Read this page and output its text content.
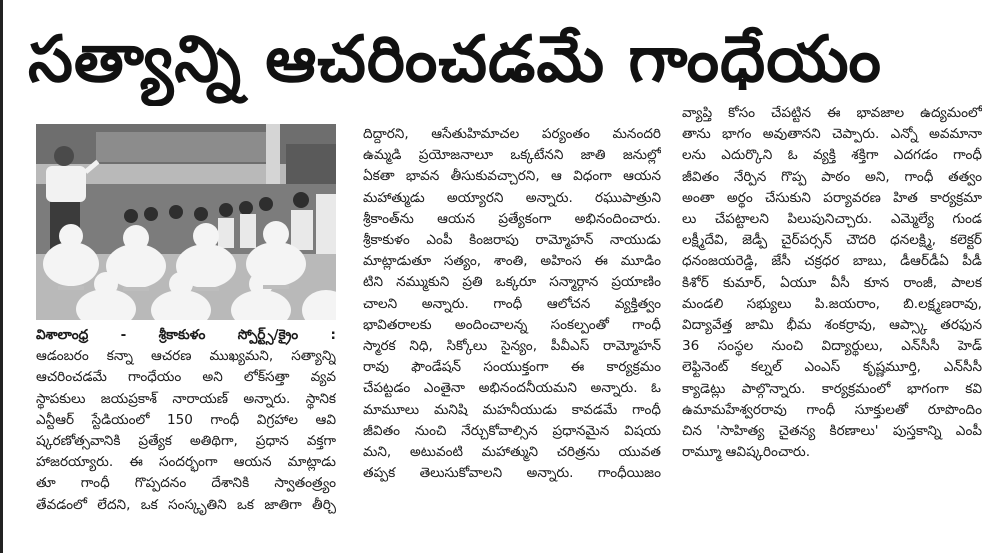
సత్యాన్ని ఆచరించడమే గాంధేయం

విశాలాంధ్ర - శ్రీకాకుళం స్పోర్ట్స్/క్రైం :

ఆడంబరం కన్నా ఆచరణ ముఖ్యమని, సత్యాన్ని

ఆచరించడమే గాంధేయం అని లోక్‌సత్తా వ్యవ

స్థాపకులు జయప్రకాశ్ నారాయణ్ అన్నారు. స్థానిక

ఎన్టీఆర్ స్టేడియంలో 150 గాంధీ విగ్రహాల ఆవి

ష్కరణోత్సవానికి ప్రత్యేక అతిథిగా, ప్రధాన వక్తగా

హాజరయ్యారు. ఈ సందర్భంగా ఆయన మాట్లాడు

తూ గాంధీ గొప్పదనం దేశానికి స్వాతంత్ర్యం

తేవడంలో లేదని, ఒక సంస్కృతిని ఒక జాతిగా తీర్చి

దిద్దారని, ఆసేతుహిమాచల పర్యంతం మనందరి

ఉమ్మడి ప్రయోజనాలూ ఒక్కటేనని జాతి జనుల్లో

ఏకతా భావన తీసుకువచ్చారని, ఆ విధంగా ఆయన

మహాత్ముడు అయ్యారని అన్నారు. రఘుపాత్రుని

శ్రీకాంత్‌ను ఆయన ప్రత్యేకంగా అభినందించారు.

శ్రీకాకుళం ఎంపీ కింజరాపు రామ్మోహన్ నాయుడు

మాట్లాడుతూ సత్యం, శాంతి, అహింస ఈ మూడిం

టిని నమ్ముకుని ప్రతి ఒక్కరూ సన్మార్గాన ప్రయాణిం

చాలని అన్నారు. గాంధీ ఆలోచన వ్యక్తిత్వం

భావితరాలకు అందించాలన్న సంకల్పంతో గాంధీ

స్మారక నిధి, సిక్కోలు సైన్యం, పీవీఎస్ రామ్మోహన్

రావు ఫౌండేషన్ సంయుక్తంగా ఈ కార్యక్రమం

చేపట్టడం ఎంతైనా అభినందనీయమని అన్నారు. ఓ

మామూలు మనిషి మహనీయుడు కావడమే గాంధీ

జీవితం నుంచి నేర్చుకోవాల్సిన ప్రధానమైన విషయ

మని, అటువంటి మహాత్ముని చరిత్రను యువత

తప్పక తెలుసుకోవాలని అన్నారు. గాంధీయిజం

వ్యాప్తి కోసం చేపట్టిన ఈ భావజాల ఉద్యమంలో

తాను భాగం అవుతానని చెప్పారు. ఎన్నో అవమానా

లను ఎదుర్కొని ఓ వ్యక్తి శక్తిగా ఎదగడం గాంధీ

జీవితం నేర్పిన గొప్ప పాఠం అని, గాంధీ తత్వం

అంతా అర్థం చేసుకుని పర్యావరణ హిత కార్యక్రమా

లు చేపట్టాలని పిలుపునిచ్చారు. ఎమ్మెల్యే గుండ

లక్ష్మీదేవి, జెడ్పీ చైర్‌పర్సన్ చౌదరి ధనలక్ష్మి, కలెక్టర్

ధనంజయరెడ్డి, జేసీ చక్రధర బాబు, డీఆర్‌డీఏ పీడీ

కిశోర్ కుమార్, ఏయూ వీసీ కూన రాంజీ, పాలక

మండలి సభ్యులు పి.జయరాం, బి.లక్ష్మణరావు,

విద్యావేత్త జామి భీమ శంకర్రావు, ఆప్స్కా తరఫున

36 సంస్థల నుంచి విద్యార్థులు, ఎన్‌సీసీ హెడ్

లెఫ్టినెంట్ కల్నల్ ఎంఎస్ కృష్ణమూర్తి, ఎన్‌సీసీ

క్యాడెట్లు పాల్గొన్నారు. కార్యక్రమంలో భాగంగా కవి

ఉమామహేశ్వరరావు గాంధీ సూక్తులతో రూపొందిం

చిన 'సాహిత్య చైతన్య కిరణాలు' పుస్తకాన్ని ఎంపీ

రామ్మూ ఆవిష్కరించారు.
